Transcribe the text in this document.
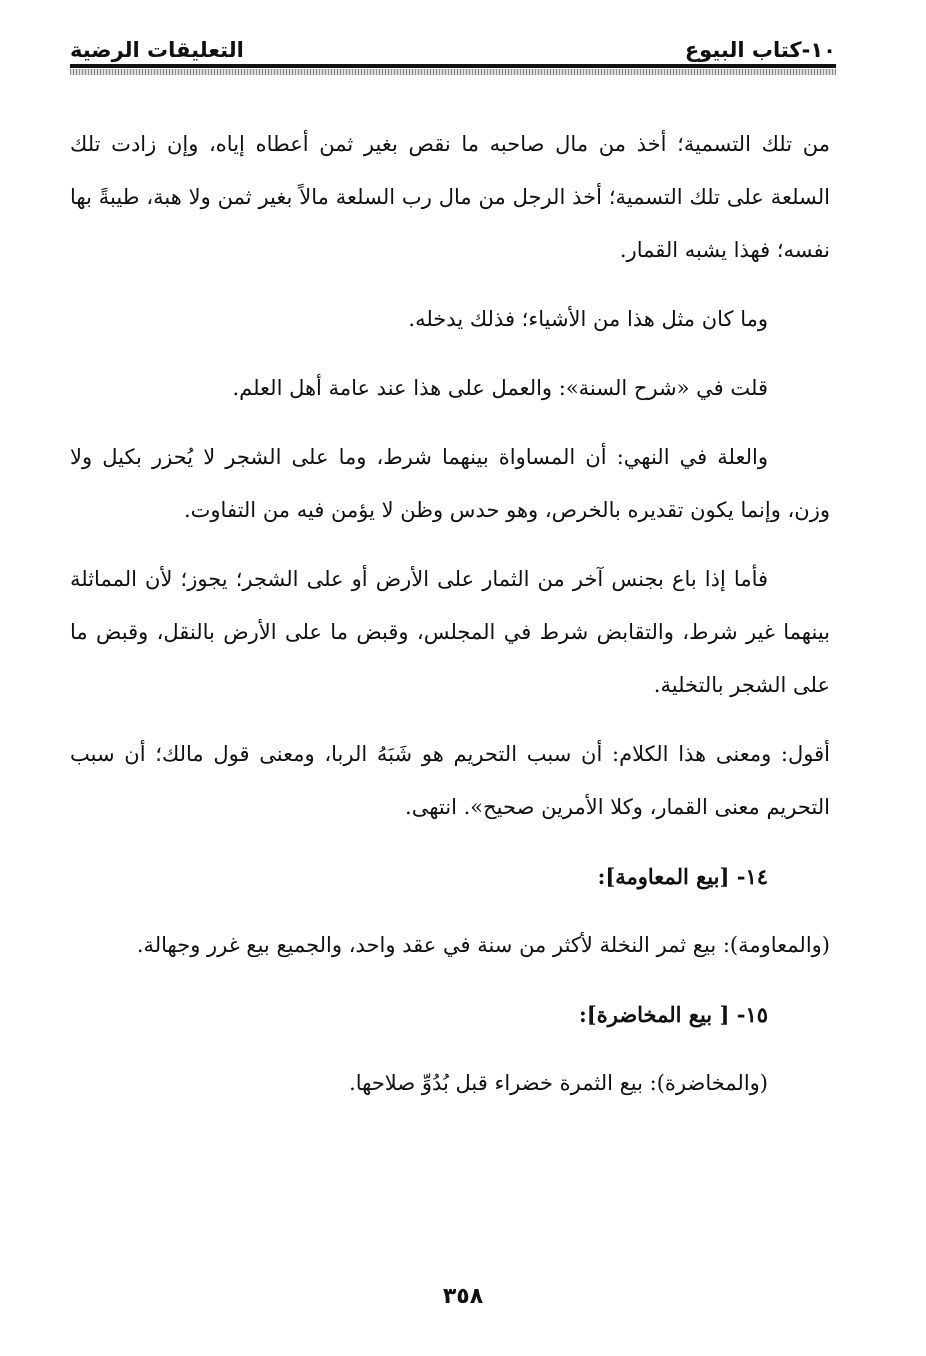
١٠-كتاب البيوع
التعليقات الرضية

من تلك التسمية؛ أخذ من مال صاحبه ما نقص بغير ثمن أعطاه إياه، وإن زادت تلك السلعة على تلك التسمية؛ أخذ الرجل من مال رب السلعة مالاً بغير ثمن ولا هبة، طيبةً بها نفسه؛ فهذا يشبه القمار.

وما كان مثل هذا من الأشياء؛ فذلك يدخله.

قلت في «شرح السنة»: والعمل على هذا عند عامة أهل العلم.

والعلة في النهي: أن المساواة بينهما شرط، وما على الشجر لا يُحزر بكيل ولا وزن، وإنما يكون تقديره بالخرص، وهو حدس وظن لا يؤمن فيه من التفاوت.

فأما إذا باع بجنس آخر من الثمار على الأرض أو على الشجر؛ يجوز؛ لأن المماثلة بينهما غير شرط، والتقابض شرط في المجلس، وقبض ما على الأرض بالنقل، وقبض ما على الشجر بالتخلية.

أقول: ومعنى هذا الكلام: أن سبب التحريم هو شَبَهُ الربا، ومعنى قول مالك؛ أن سبب التحريم معنى القمار، وكلا الأمرين صحيح». انتهى.

١٤- [بيع المعاومة]:

(والمعاومة): بيع ثمر النخلة لأكثر من سنة في عقد واحد، والجميع بيع غرر وجهالة.

١٥- [ بيع المخاضرة]:

(والمخاضرة): بيع الثمرة خضراء قبل بُدُوِّ صلاحها.

٣٥٨
